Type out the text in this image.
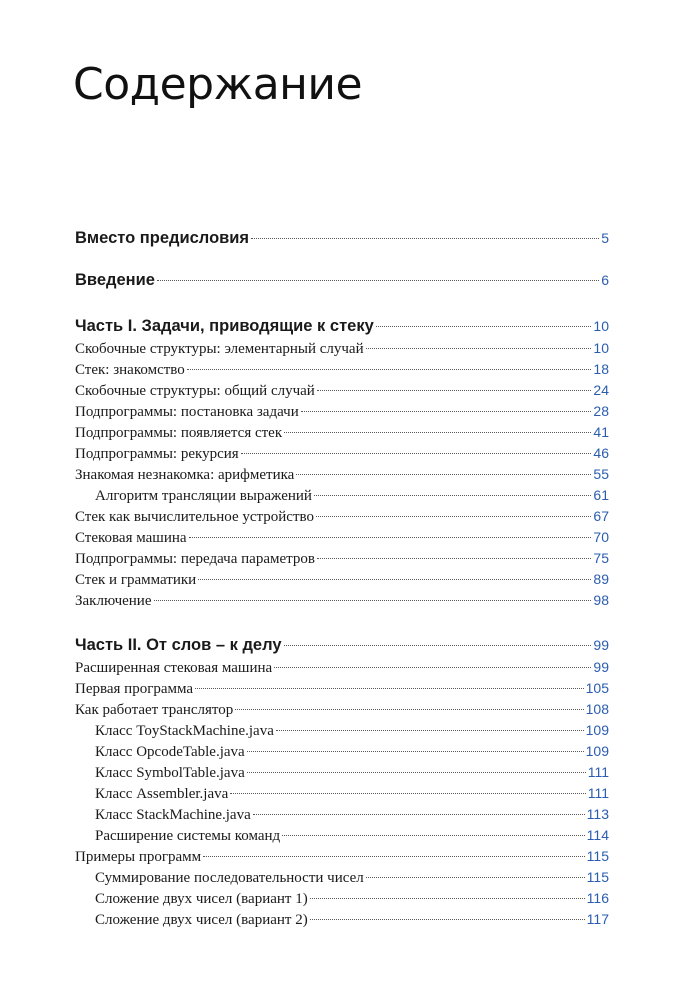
Содержание
Вместо предисловия	5
Введение	6
Часть I. Задачи, приводящие к стеку	10
Скобочные структуры: элементарный случай	10
Стек: знакомство	18
Скобочные структуры: общий случай	24
Подпрограммы: постановка задачи	28
Подпрограммы: появляется стек	41
Подпрограммы: рекурсия	46
Знакомая незнакомка: арифметика	55
Алгоритм трансляции выражений	61
Стек как вычислительное устройство	67
Стековая машина	70
Подпрограммы: передача параметров	75
Стек и грамматики	89
Заключение	98
Часть II. От слов – к делу	99
Расширенная стековая машина	99
Первая программа	105
Как работает транслятор	108
Класс ToyStackMachine.java	109
Класс OpcodeTable.java	109
Класс SymbolTable.java	111
Класс Assembler.java	111
Класс StackMachine.java	113
Расширение системы команд	114
Примеры программ	115
Суммирование последовательности чисел	115
Сложение двух чисел (вариант 1)	116
Сложение двух чисел (вариант 2)	117
